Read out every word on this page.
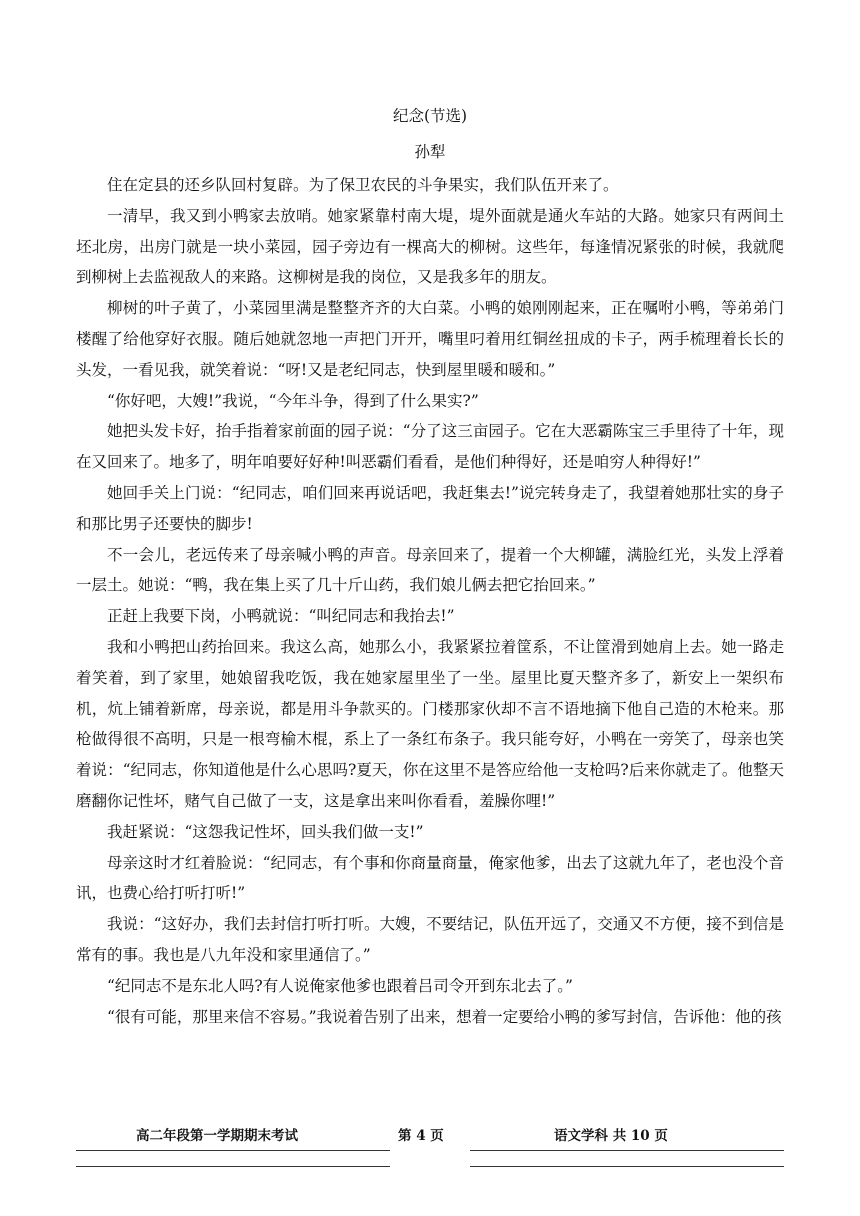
纪念(节选)
孙犁

住在定县的还乡队回村复辟。为了保卫农民的斗争果实，我们队伍开来了。

一清早，我又到小鸭家去放哨。她家紧靠村南大堤，堤外面就是通火车站的大路。她家只有两间土坯北房，出房门就是一块小菜园，园子旁边有一棵高大的柳树。这些年，每逢情况紧张的时候，我就爬到柳树上去监视敌人的来路。这柳树是我的岗位，又是我多年的朋友。

柳树的叶子黄了，小菜园里满是整整齐齐的大白菜。小鸭的娘刚刚起来，正在嘱咐小鸭，等弟弟门楼醒了给他穿好衣服。随后她就忽地一声把门开开，嘴里叼着用红铜丝扭成的卡子，两手梳理着长长的头发，一看见我，就笑着说：“呀!又是老纪同志，快到屋里暖和暖和。”

“你好吧，大嫂!”我说，“今年斗争，得到了什么果实?”

她把头发卡好，抬手指着家前面的园子说：“分了这三亩园子。它在大恶霸陈宝三手里待了十年，现在又回来了。地多了，明年咱要好好种!叫恶霸们看看，是他们种得好，还是咱穷人种得好!”

她回手关上门说：“纪同志，咱们回来再说话吧，我赶集去!”说完转身走了，我望着她那壮实的身子和那比男子还要快的脚步!

不一会儿，老远传来了母亲喊小鸭的声音。母亲回来了，提着一个大柳罐，满脸红光，头发上浮着一层土。她说：“鸭，我在集上买了几十斤山药，我们娘儿俩去把它抬回来。”

正赶上我要下岗，小鸭就说：“叫纪同志和我抬去!”

我和小鸭把山药抬回来。我这么高，她那么小，我紧紧拉着筐系，不让筐滑到她肩上去。她一路走着笑着，到了家里，她娘留我吃饭，我在她家屋里坐了一坐。屋里比夏天整齐多了，新安上一架织布机，炕上铺着新席，母亲说，都是用斗争款买的。门楼那家伙却不言不语地摘下他自己造的木枪来。那枪做得很不高明，只是一根弯榆木棍，系上了一条红布条子。我只能夸好，小鸭在一旁笑了，母亲也笑着说：“纪同志，你知道他是什么心思吗?夏天，你在这里不是答应给他一支枪吗?后来你就走了。他整天磨翻你记性坏，赌气自己做了一支，这是拿出来叫你看看，羞臊你哩!”

我赶紧说：“这怨我记性坏，回头我们做一支!”

母亲这时才红着脸说：“纪同志，有个事和你商量商量，俺家他爹，出去了这就九年了，老也没个音讯，也费心给打听打听!”

我说：“这好办，我们去封信打听打听。大嫂，不要结记，队伍开远了，交通又不方便，接不到信是常有的事。我也是八九年没和家里通信了。”

“纪同志不是东北人吗?有人说俺家他爹也跟着吕司令开到东北去了。”

“很有可能，那里来信不容易。”我说着告别了出来，想着一定要给小鸭的爹写封信，告诉他：他的孩

高二年段第一学期期末考试	第 4 页	语文学科 共 10 页
